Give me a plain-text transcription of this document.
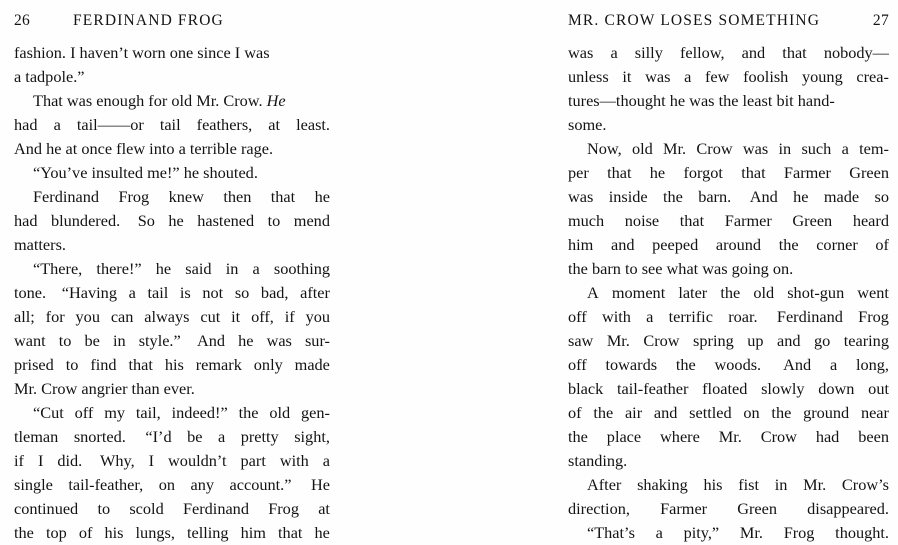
26	FERDINAND FROG
fashion. I haven’t worn one since I was
a tadpole.”
That was enough for old Mr. Crow. He
had a tail——or tail feathers, at least.
And he at once flew into a terrible rage.
“You’ve insulted me!” he shouted.
Ferdinand Frog knew then that he
had blundered. So he hastened to mend
matters.
“There, there!” he said in a soothing
tone. “Having a tail is not so bad, after
all; for you can always cut it off, if you
want to be in style.” And he was sur-
prised to find that his remark only made
Mr. Crow angrier than ever.
“Cut off my tail, indeed!” the old gen-
tleman snorted. “I’d be a pretty sight,
if I did. Why, I wouldn’t part with a
single tail-feather, on any account.” He
continued to scold Ferdinand Frog at
the top of his lungs, telling him that he
MR. CROW LOSES SOMETHING	27
was a silly fellow, and that nobody—
unless it was a few foolish young crea-
tures—thought he was the least bit hand-
some.
Now, old Mr. Crow was in such a tem-
per that he forgot that Farmer Green
was inside the barn. And he made so
much noise that Farmer Green heard
him and peeped around the corner of
the barn to see what was going on.
A moment later the old shot-gun went
off with a terrific roar. Ferdinand Frog
saw Mr. Crow spring up and go tearing
off towards the woods. And a long,
black tail-feather floated slowly down out
of the air and settled on the ground near
the place where Mr. Crow had been
standing.
After shaking his fist in Mr. Crow’s
direction, Farmer Green disappeared.
“That’s a pity,” Mr. Frog thought.
